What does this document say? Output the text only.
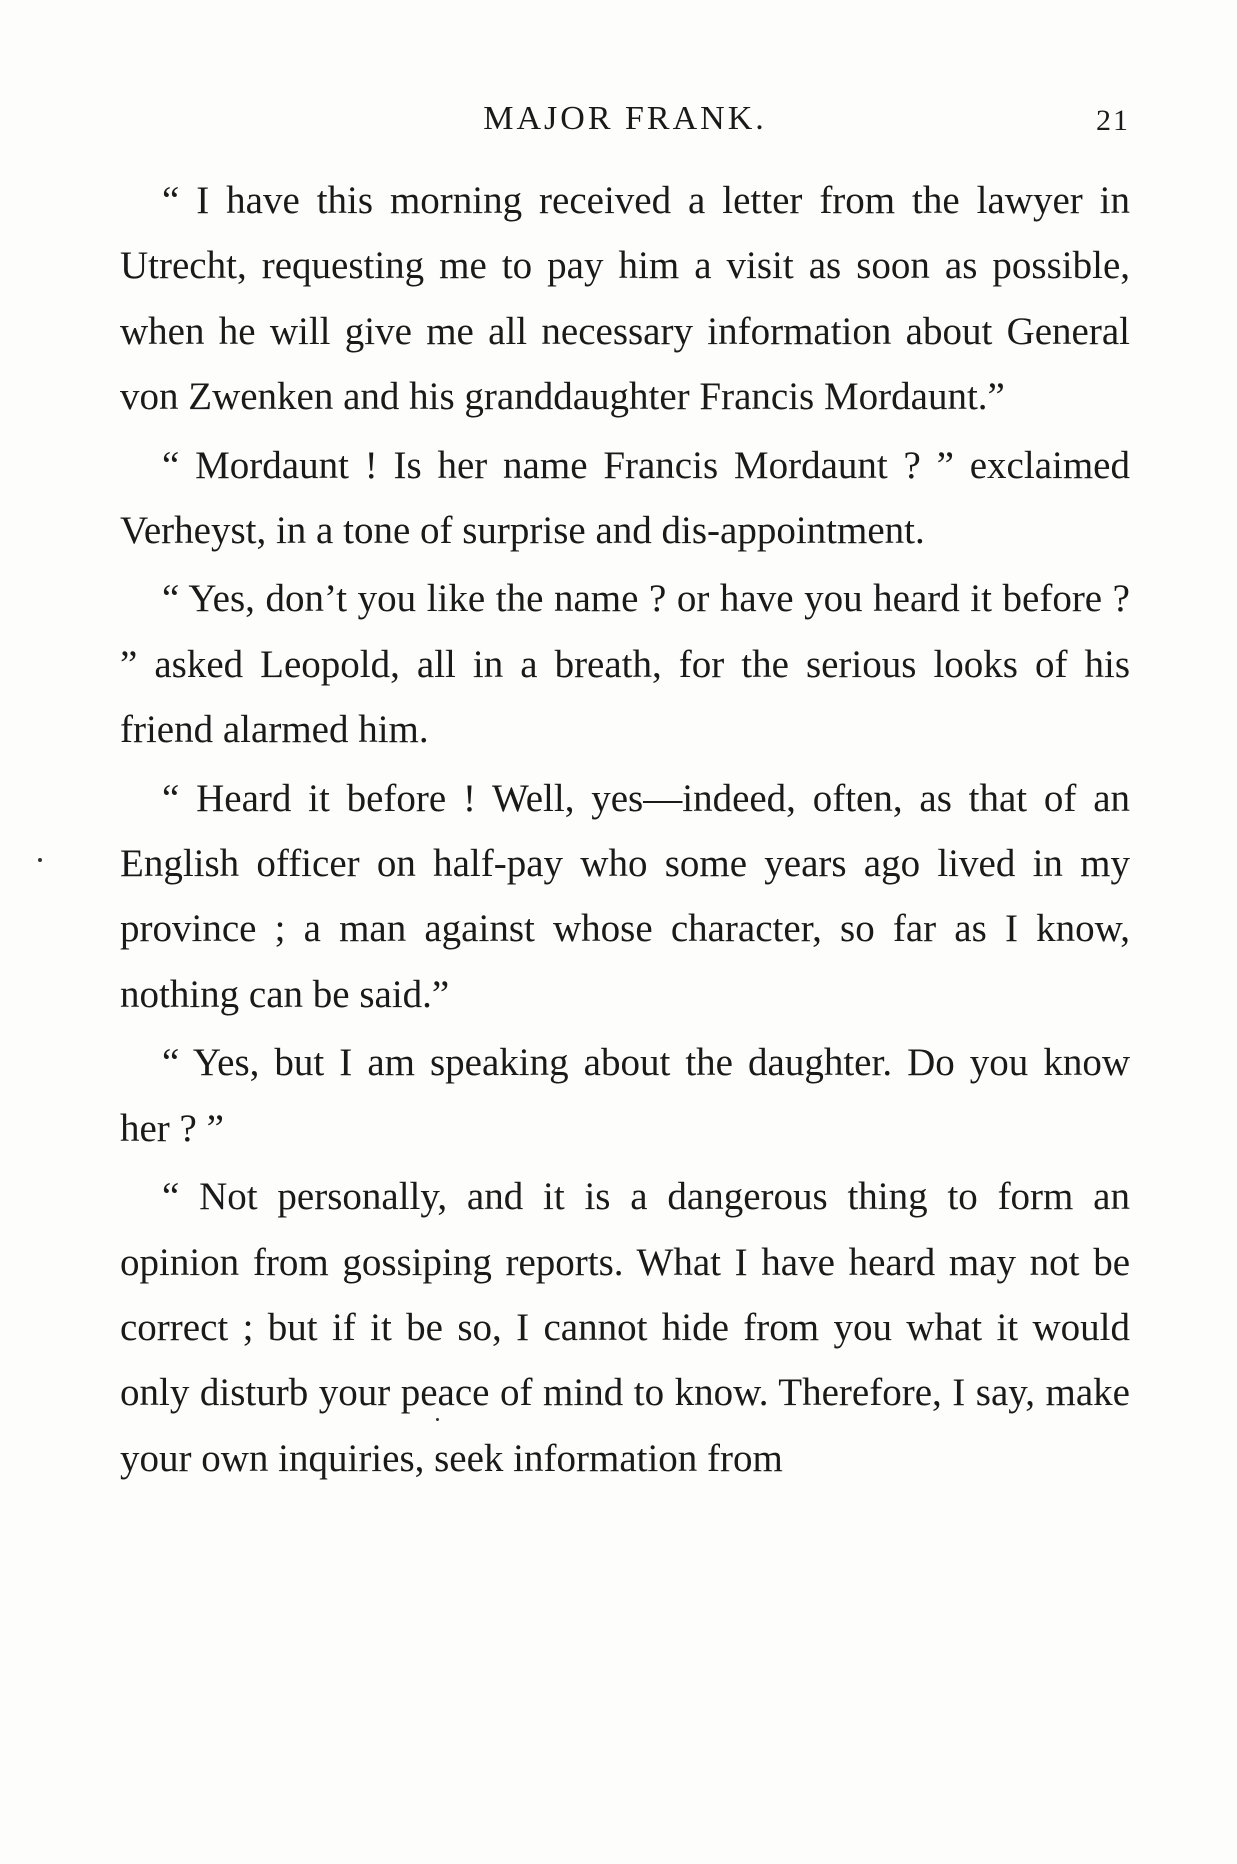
MAJOR FRANK.	21

“ I have this morning received a letter from the lawyer in Utrecht, requesting me to pay him a visit as soon as possible, when he will give me all necessary information about General von Zwenken and his granddaughter Francis Mordaunt.”

“ Mordaunt ! Is her name Francis Mordaunt ? ” exclaimed Verheyst, in a tone of surprise and dis-appointment.

“ Yes, don’t you like the name ? or have you heard it before ? ” asked Leopold, all in a breath, for the serious looks of his friend alarmed him.

“ Heard it before ! Well, yes—indeed, often, as that of an English officer on half-pay who some years ago lived in my province ; a man against whose character, so far as I know, nothing can be said.”

“ Yes, but I am speaking about the daughter. Do you know her ? ”

“ Not personally, and it is a dangerous thing to form an opinion from gossiping reports. What I have heard may not be correct ; but if it be so, I cannot hide from you what it would only disturb your peace of mind to know. Therefore, I say, make your own inquiries, seek information from
